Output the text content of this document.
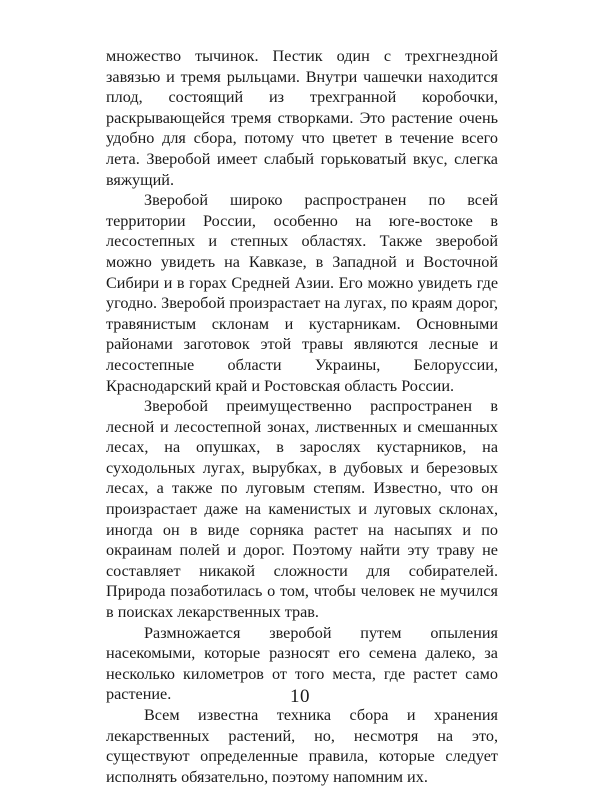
множество тычинок. Пестик один с трехгнездной завязью и тремя рыльцами. Внутри чашечки находится плод, состоящий из трехгранной коробочки, раскрывающейся тремя створками. Это растение очень удобно для сбора, потому что цветет в течение всего лета. Зверобой имеет слабый горьковатый вкус, слегка вяжущий.

Зверобой широко распространен по всей территории России, особенно на юге-востоке в лесостепных и степных областях. Также зверобой можно увидеть на Кавказе, в Западной и Восточной Сибири и в горах Средней Азии. Его можно увидеть где угодно. Зверобой произрастает на лугах, по краям дорог, травянистым склонам и кустарникам. Основными районами заготовок этой травы являются лесные и лесостепные области Украины, Белоруссии, Краснодарский край и Ростовская область России.

Зверобой преимущественно распространен в лесной и лесостепной зонах, лиственных и смешанных лесах, на опушках, в зарослях кустарников, на суходольных лугах, вырубках, в дубовых и березовых лесах, а также по луговым степям. Известно, что он произрастает даже на каменистых и луговых склонах, иногда он в виде сорняка растет на насыпях и по окраинам полей и дорог. Поэтому найти эту траву не составляет никакой сложности для собирателей. Природа позаботилась о том, чтобы человек не мучился в поисках лекарственных трав.

Размножается зверобой путем опыления насекомыми, которые разносят его семена далеко, за несколько километров от того места, где растет само растение.

Всем известна техника сбора и хранения лекарственных растений, но, несмотря на это, существуют определенные правила, которые следует исполнять обязательно, поэтому напомним их.

10
